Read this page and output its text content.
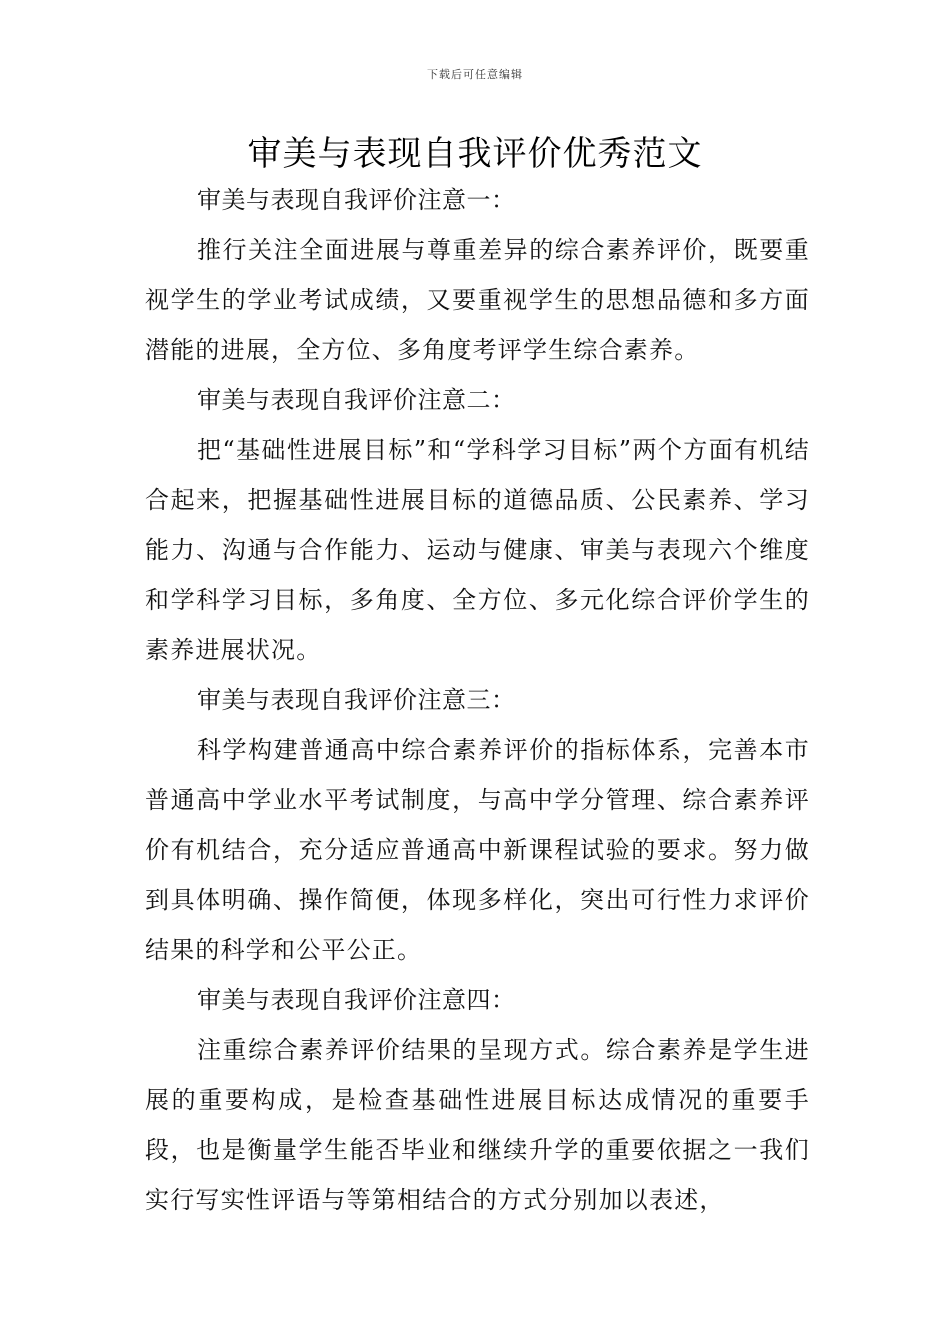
下载后可任意编辑
审美与表现自我评价优秀范文

审美与表现自我评价注意一：

推行关注全面进展与尊重差异的综合素养评价，既要重视学生的学业考试成绩，又要重视学生的思想品德和多方面潜能的进展，全方位、多角度考评学生综合素养。

审美与表现自我评价注意二：

把“基础性进展目标”和“学科学习目标”两个方面有机结合起来，把握基础性进展目标的道德品质、公民素养、学习能力、沟通与合作能力、运动与健康、审美与表现六个维度和学科学习目标，多角度、全方位、多元化综合评价学生的素养进展状况。

审美与表现自我评价注意三：

科学构建普通高中综合素养评价的指标体系，完善本市普通高中学业水平考试制度，与高中学分管理、综合素养评价有机结合，充分适应普通高中新课程试验的要求。努力做到具体明确、操作简便，体现多样化，突出可行性力求评价结果的科学和公平公正。

审美与表现自我评价注意四：

注重综合素养评价结果的呈现方式。综合素养是学生进展的重要构成，是检查基础性进展目标达成情况的重要手段，也是衡量学生能否毕业和继续升学的重要依据之一我们实行写实性评语与等第相结合的方式分别加以表述，
